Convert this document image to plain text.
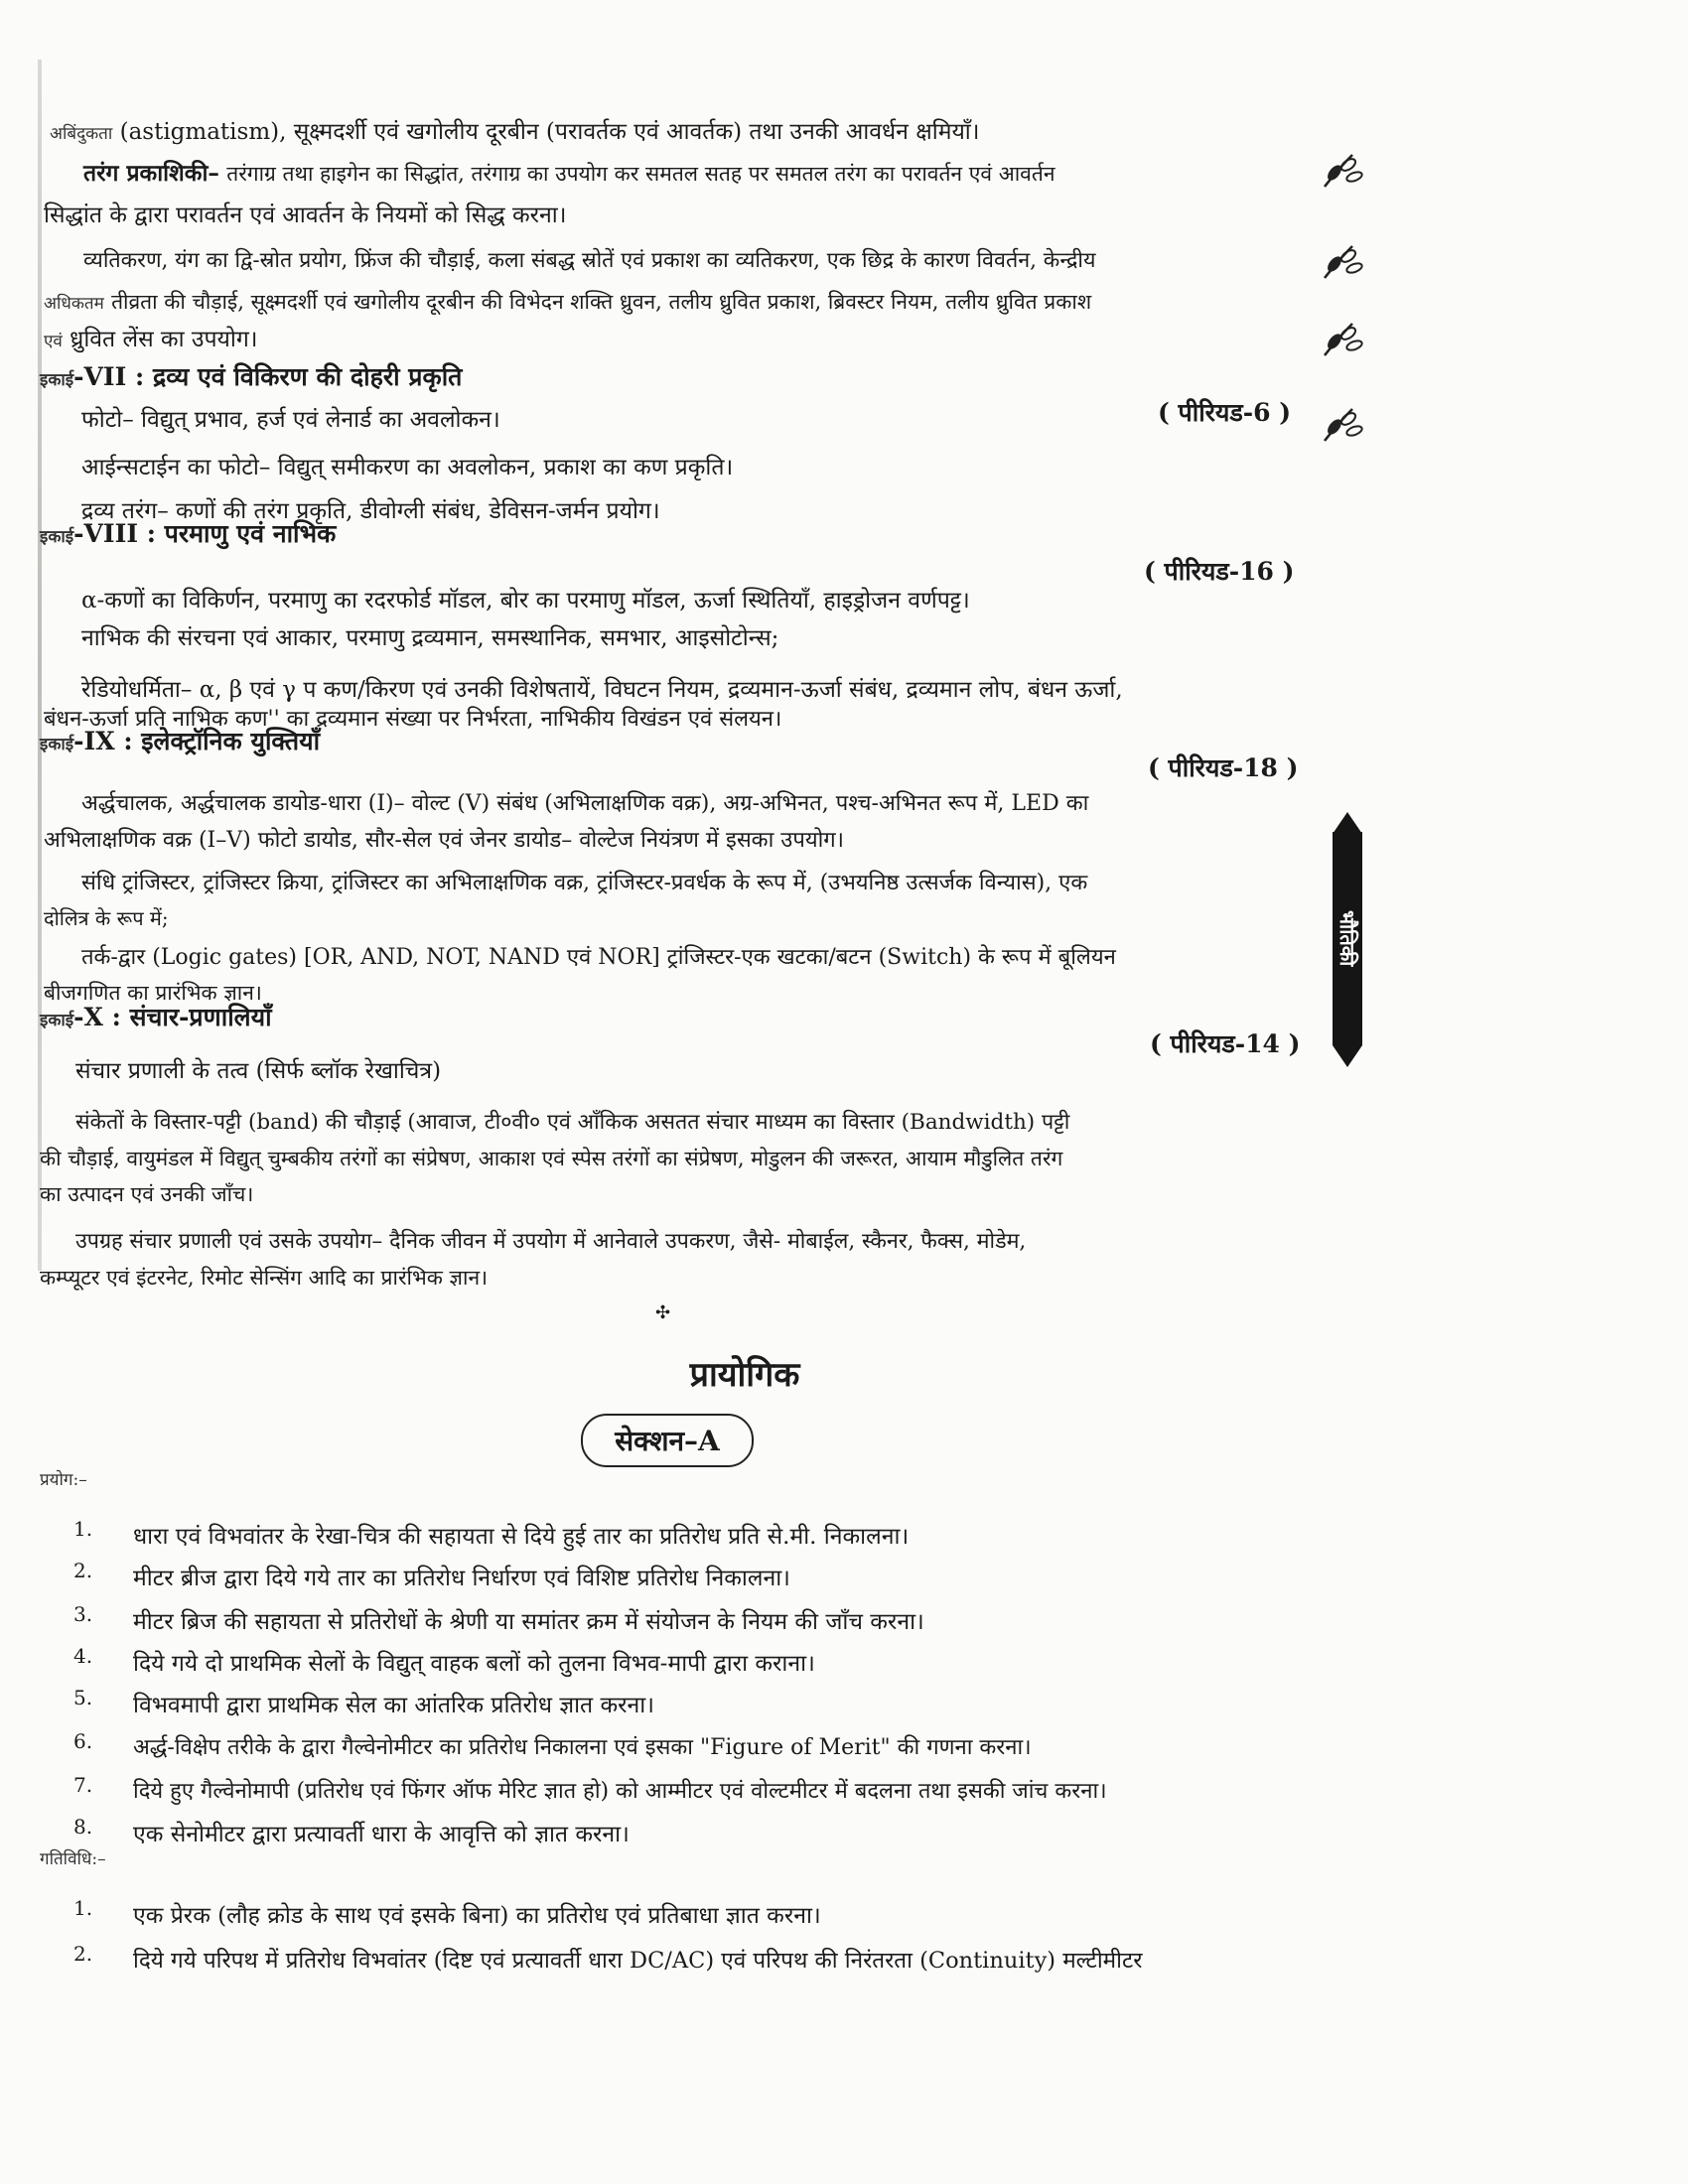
अबिंदुकता (astigmatism), सूक्ष्मदर्शी एवं खगोलीय दूरबीन (परावर्तक एवं आवर्तक) तथा उनकी आवर्धन क्षमियाँ।
तरंग प्रकाशिकी– तरंगाग्र तथा हाइगेन का सिद्धांत, तरंगाग्र का उपयोग कर समतल सतह पर समतल तरंग का परावर्तन एवं आवर्तन
सिद्धांत के द्वारा परावर्तन एवं आवर्तन के नियमों को सिद्ध करना।
व्यतिकरण, यंग का द्वि-स्रोत प्रयोग, फ्रिंज की चौड़ाई, कला संबद्ध स्रोतें एवं प्रकाश का व्यतिकरण, एक छिद्र के कारण विवर्तन, केन्द्रीय
अधिकतम तीव्रता की चौड़ाई, सूक्ष्मदर्शी एवं खगोलीय दूरबीन की विभेदन शक्ति ध्रुवन, तलीय ध्रुवित प्रकाश, ब्रिवस्टर नियम, तलीय ध्रुवित प्रकाश
एवं ध्रुवित लेंस का उपयोग।
इकाई-VII : द्रव्य एवं विकिरण की दोहरी प्रकृति
( पीरियड-6 )
फोटो– विद्युत् प्रभाव, हर्ज एवं लेनार्ड का अवलोकन।
आईन्सटाईन का फोटो– विद्युत् समीकरण का अवलोकन, प्रकाश का कण प्रकृति।
द्रव्य तरंग– कणों की तरंग प्रकृति, डीवोग्ली संबंध, डेविसन-जर्मन प्रयोग।
इकाई-VIII : परमाणु एवं नाभिक
( पीरियड-16 )
α-कणों का विकिर्णन, परमाणु का रदरफोर्ड मॉडल, बोर का परमाणु मॉडल, ऊर्जा स्थितियाँ, हाइड्रोजन वर्णपट्ट।
नाभिक की संरचना एवं आकार, परमाणु द्रव्यमान, समस्थानिक, समभार, आइसोटोन्स;
रेडियोधर्मिता– α, β एवं γ प कण/किरण एवं उनकी विशेषतायें, विघटन नियम, द्रव्यमान-ऊर्जा संबंध, द्रव्यमान लोप, बंधन ऊर्जा,
बंधन-ऊर्जा प्रति नाभिक कण'' का द्रव्यमान संख्या पर निर्भरता, नाभिकीय विखंडन एवं संलयन।
इकाई-IX : इलेक्ट्रॉनिक युक्तियाँ
( पीरियड-18 )
अर्द्धचालक, अर्द्धचालक डायोड-धारा (I)– वोल्ट (V) संबंध (अभिलाक्षणिक वक्र), अग्र-अभिनत, पश्च-अभिनत रूप में, LED का
अभिलाक्षणिक वक्र (I–V) फोटो डायोड, सौर-सेल एवं जेनर डायोड– वोल्टेज नियंत्रण में इसका उपयोग।
संधि ट्रांजिस्टर, ट्रांजिस्टर क्रिया, ट्रांजिस्टर का अभिलाक्षणिक वक्र, ट्रांजिस्टर-प्रवर्धक के रूप में, (उभयनिष्ठ उत्सर्जक विन्यास), एक
दोलित्र के रूप में;
तर्क-द्वार (Logic gates) [OR, AND, NOT, NAND एवं NOR] ट्रांजिस्टर-एक खटका/बटन (Switch) के रूप में बूलियन
बीजगणित का प्रारंभिक ज्ञान।
इकाई-X : संचार-प्रणालियाँ
( पीरियड-14 )
संचार प्रणाली के तत्व (सिर्फ ब्लॉक रेखाचित्र)
संकेतों के विस्तार-पट्टी (band) की चौड़ाई (आवाज, टी०वी० एवं आँकिक असतत संचार माध्यम का विस्तार (Bandwidth) पट्टी
की चौड़ाई, वायुमंडल में विद्युत् चुम्बकीय तरंगों का संप्रेषण, आकाश एवं स्पेस तरंगों का संप्रेषण, मोडुलन की जरूरत, आयाम मौडुलित तरंग
का उत्पादन एवं उनकी जाँच।
उपग्रह संचार प्रणाली एवं उसके उपयोग– दैनिक जीवन में उपयोग में आनेवाले उपकरण, जैसे- मोबाईल, स्कैनर, फैक्स, मोडेम,
कम्प्यूटर एवं इंटरनेट, रिमोट सेन्सिंग आदि का प्रारंभिक ज्ञान।
✣
प्रायोगिक
सेक्शन–A
प्रयोग:–
1. धारा एवं विभवांतर के रेखा-चित्र की सहायता से दिये हुई तार का प्रतिरोध प्रति से.मी. निकालना।
2. मीटर ब्रीज द्वारा दिये गये तार का प्रतिरोध निर्धारण एवं विशिष्ट प्रतिरोध निकालना।
3. मीटर ब्रिज की सहायता से प्रतिरोधों के श्रेणी या समांतर क्रम में संयोजन के नियम की जाँच करना।
4. दिये गये दो प्राथमिक सेलों के विद्युत् वाहक बलों को तुलना विभव-मापी द्वारा कराना।
5. विभवमापी द्वारा प्राथमिक सेल का आंतरिक प्रतिरोध ज्ञात करना।
6. अर्द्ध-विक्षेप तरीके के द्वारा गैल्वेनोमीटर का प्रतिरोध निकालना एवं इसका "Figure of Merit" की गणना करना।
7. दिये हुए गैल्वेनोमापी (प्रतिरोध एवं फिंगर ऑफ मेरिट ज्ञात हो) को आम्मीटर एवं वोल्टमीटर में बदलना तथा इसकी जांच करना।
8. एक सेनोमीटर द्वारा प्रत्यावर्ती धारा के आवृत्ति को ज्ञात करना।
गतिविधि:–
1. एक प्रेरक (लौह क्रोड के साथ एवं इसके बिना) का प्रतिरोध एवं प्रतिबाधा ज्ञात करना।
2. दिये गये परिपथ में प्रतिरोध विभवांतर (दिष्ट एवं प्रत्यावर्ती धारा DC/AC) एवं परिपथ की निरंतरता (Continuity) मल्टीमीटर
भौतिकी
